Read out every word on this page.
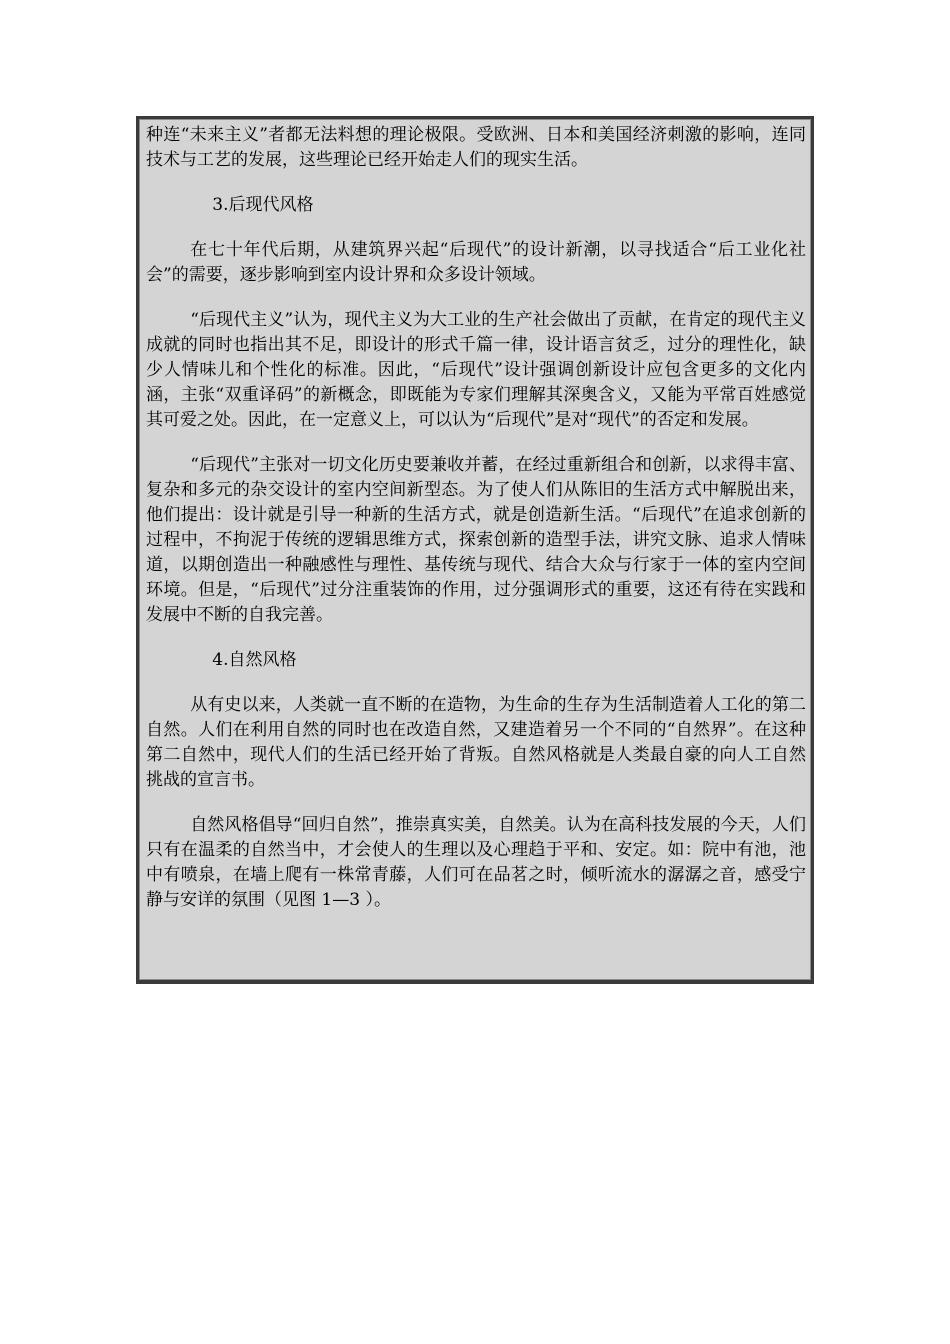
种连“未来主义”者都无法料想的理论极限。受欧洲、日本和美国经济刺激的影响，连同技术与工艺的发展，这些理论已经开始走人们的现实生活。

3.后现代风格

在七十年代后期，从建筑界兴起“后现代”的设计新潮，以寻找适合“后工业化社会”的需要，逐步影响到室内设计界和众多设计领域。

“后现代主义”认为，现代主义为大工业的生产社会做出了贡献，在肯定的现代主义成就的同时也指出其不足，即设计的形式千篇一律，设计语言贫乏，过分的理性化，缺少人情味儿和个性化的标准。因此，“后现代”设计强调创新设计应包含更多的文化内涵，主张“双重译码”的新概念，即既能为专家们理解其深奥含义，又能为平常百姓感觉其可爱之处。因此，在一定意义上，可以认为“后现代”是对“现代”的否定和发展。

“后现代”主张对一切文化历史要兼收并蓄，在经过重新组合和创新，以求得丰富、复杂和多元的杂交设计的室内空间新型态。为了使人们从陈旧的生活方式中解脱出来，他们提出：设计就是引导一种新的生活方式，就是创造新生活。“后现代”在追求创新的过程中，不拘泥于传统的逻辑思维方式，探索创新的造型手法，讲究文脉、追求人情味道，以期创造出一种融感性与理性、基传统与现代、结合大众与行家于一体的室内空间环境。但是，“后现代”过分注重装饰的作用，过分强调形式的重要，这还有待在实践和发展中不断的自我完善。

4.自然风格

从有史以来，人类就一直不断的在造物，为生命的生存为生活制造着人工化的第二自然。人们在利用自然的同时也在改造自然，又建造着另一个不同的“自然界”。在这种第二自然中，现代人们的生活已经开始了背叛。自然风格就是人类最自豪的向人工自然挑战的宣言书。

自然风格倡导“回归自然”，推崇真实美，自然美。认为在高科技发展的今天，人们只有在温柔的自然当中，才会使人的生理以及心理趋于平和、安定。如：院中有池，池中有喷泉，在墙上爬有一株常青藤，人们可在品茗之时，倾听流水的潺潺之音，感受宁静与安详的氛围（见图 1—3 ）。
